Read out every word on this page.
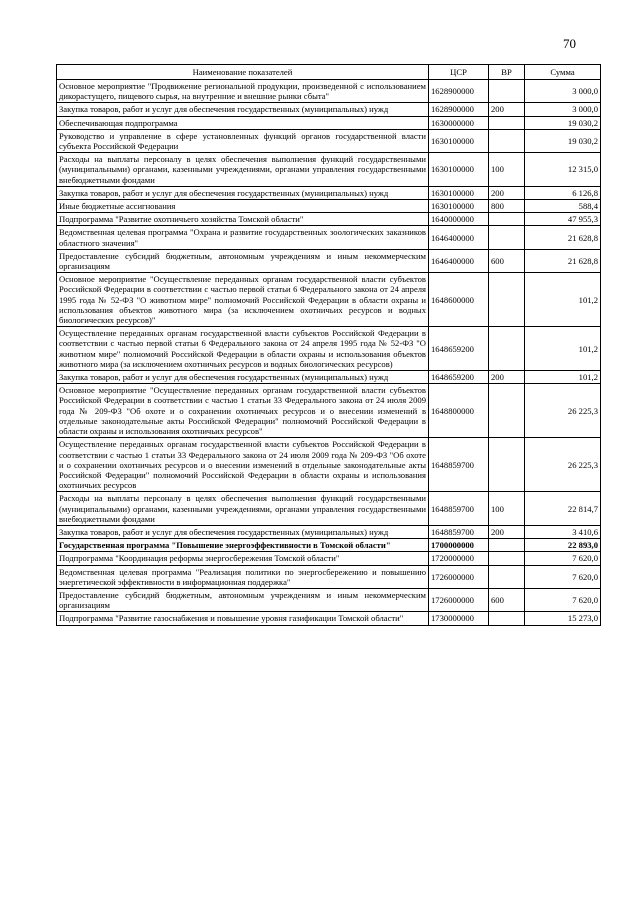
70
Наименование показателей	ЦСР	ВР	Сумма
Основное мероприятие "Продвижение региональной продукции, произведенной с использованием дикорастущего, пищевого сырья, на внутренние и внешние рынки сбыта"	1628900000		3 000,0
Закупка товаров, работ и услуг для обеспечения государственных (муниципальных) нужд	1628900000	200	3 000,0
Обеспечивающая подпрограмма	1630000000		19 030,2
Руководство и управление в сфере установленных функций органов государственной власти субъекта Российской Федерации	1630100000		19 030,2
Расходы на выплаты персоналу в целях обеспечения выполнения функций государственными (муниципальными) органами, казенными учреждениями, органами управления государственными внебюджетными фондами	1630100000	100	12 315,0
Закупка товаров, работ и услуг для обеспечения государственных (муниципальных) нужд	1630100000	200	6 126,8
Иные бюджетные ассигнования	1630100000	800	588,4
Подпрограмма "Развитие охотничьего хозяйства Томской области"	1640000000		47 955,3
Ведомственная целевая программа "Охрана и развитие государственных зоологических заказников областного значения"	1646400000		21 628,8
Предоставление субсидий бюджетным, автономным учреждениям и иным некоммерческим организациям	1646400000	600	21 628,8
Основное мероприятие "Осуществление переданных органам государственной власти субъектов Российской Федерации в соответствии с частью первой статьи 6 Федерального закона от 24 апреля 1995 года № 52-ФЗ "О животном мире" полномочий Российской Федерации в области охраны и использования объектов животного мира (за исключением охотничьих ресурсов и водных биологических ресурсов)"	1648600000		101,2
Осуществление переданных органам государственной власти субъектов Российской Федерации в соответствии с частью первой статьи 6 Федерального закона от 24 апреля 1995 года № 52-ФЗ "О животном мире" полномочий Российской Федерации в области охраны и использования объектов животного мира (за исключением охотничьих ресурсов и водных биологических ресурсов)	1648659200		101,2
Закупка товаров, работ и услуг для обеспечения государственных (муниципальных) нужд	1648659200	200	101,2
Основное мероприятие "Осуществление переданных органам государственной власти субъектов Российской Федерации в соответствии с частью 1 статьи 33 Федерального закона от 24 июля 2009 года № 209-ФЗ "Об охоте и о сохранении охотничьих ресурсов и о внесении изменений в отдельные законодательные акты Российской Федерации" полномочий Российской Федерации в области охраны и использования охотничьих ресурсов"	1648800000		26 225,3
Осуществление переданных органам государственной власти субъектов Российской Федерации в соответствии с частью 1 статьи 33 Федерального закона от 24 июля 2009 года № 209-ФЗ "Об охоте и о сохранении охотничьих ресурсов и о внесении изменений в отдельные законодательные акты Российской Федерации" полномочий Российской Федерации в области охраны и использования охотничьих ресурсов	1648859700		26 225,3
Расходы на выплаты персоналу в целях обеспечения выполнения функций государственными (муниципальными) органами, казенными учреждениями, органами управления государственными внебюджетными фондами	1648859700	100	22 814,7
Закупка товаров, работ и услуг для обеспечения государственных (муниципальных) нужд	1648859700	200	3 410,6
Государственная программа "Повышение энергоэффективности в Томской области"	1700000000		22 893,0
Подпрограмма "Координация реформы энергосбережения Томской области"	1720000000		7 620,0
Ведомственная целевая программа "Реализация политики по энергосбережению и повышению энергетической эффективности в информационная поддержка"	1726000000		7 620,0
Предоставление субсидий бюджетным, автономным учреждениям и иным некоммерческим организациям	1726000000	600	7 620,0
Подпрограмма "Развитие газоснабжения и повышение уровня газификации Томской области"	1730000000		15 273,0
